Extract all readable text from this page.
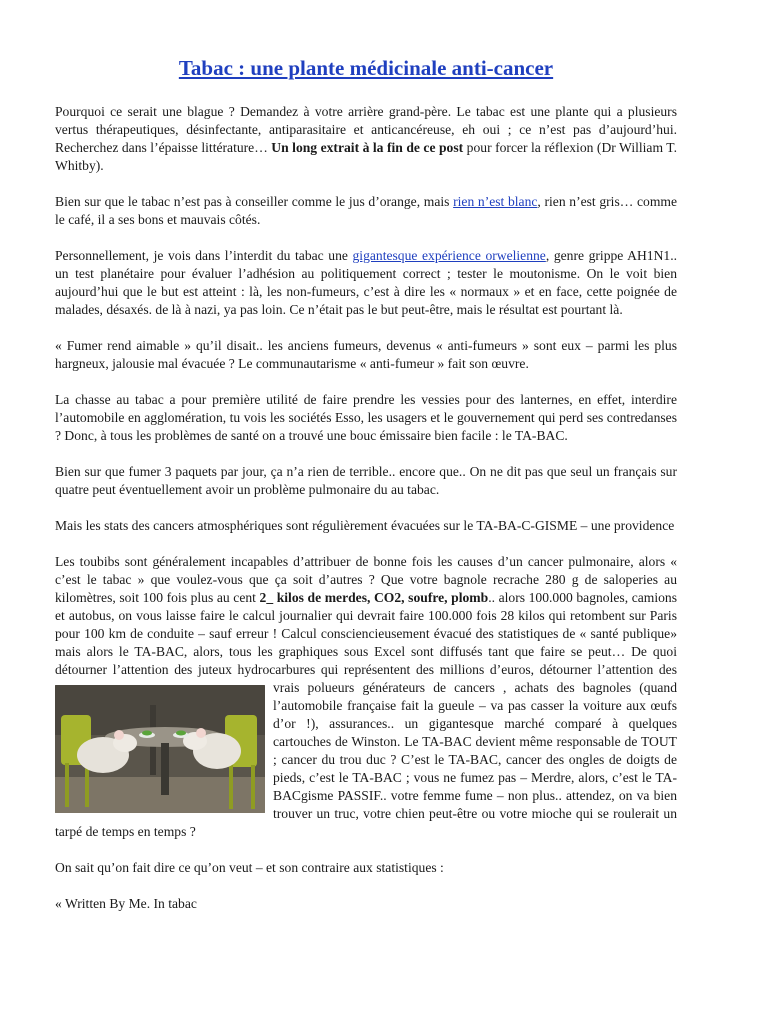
Tabac : une plante médicinale anti-cancer

Pourquoi ce serait une blague ? Demandez à votre arrière grand-père. Le tabac est une plante qui a plusieurs vertus thérapeutiques, désinfectante, antiparasitaire et anticancéreuse, eh oui ; ce n’est pas d’aujourd’hui. Recherchez dans l’épaisse littérature… Un long extrait à la fin de ce post pour forcer la réflexion (Dr William T. Whitby).

Bien sur que le tabac n’est pas à conseiller comme le jus d’orange, mais rien n’est blanc, rien n’est gris… comme le café, il a ses bons et mauvais côtés.

Personnellement, je vois dans l’interdit du tabac une gigantesque expérience orwelienne, genre grippe AH1N1.. un test planétaire pour évaluer l’adhésion au politiquement correct ; tester le moutonisme. On le voit bien aujourd’hui que le but est atteint : là, les non-fumeurs, c’est à dire les « normaux » et en face, cette poignée de malades, désaxés. de là à nazi, ya pas loin. Ce n’était pas le but peut-être, mais le résultat est pourtant là.

« Fumer rend aimable » qu’il disait.. les anciens fumeurs, devenus « anti-fumeurs » sont eux – parmi les plus hargneux, jalousie mal évacuée ? Le communautarisme « anti-fumeur » fait son œuvre.

La chasse au tabac a pour première utilité de faire prendre les vessies pour des lanternes, en effet, interdire l’automobile en agglomération, tu vois les sociétés Esso, les usagers et le gouvernement qui perd ses contredanses ? Donc, à tous les problèmes de santé on a trouvé une bouc émissaire bien facile : le TA-BAC.

Bien sur que fumer 3 paquets par jour, ça n’a rien de terrible.. encore que.. On ne dit pas que seul un français sur quatre peut éventuellement avoir un problème pulmonaire du au tabac.

Mais les stats des cancers atmosphériques sont régulièrement évacuées sur le TA-BA-C-GISME – une providence

Les toubibs sont généralement incapables d’attribuer de bonne fois les causes d’un cancer pulmonaire, alors « c’est le tabac » que voulez-vous que ça soit d’autres ? Que votre bagnole recrache 280 g de saloperies au kilomètres, soit 100 fois plus au cent 2_ kilos de merdes, CO2, soufre, plomb.. alors 100.000 bagnoles, camions et autobus, on vous laisse faire le calcul journalier qui devrait faire 100.000 fois 28 kilos qui retombent sur Paris pour 100 km de conduite – sauf erreur ! Calcul consciencieusement évacué des statistiques de « santé publique» mais alors le TA-BAC, alors, tous les graphiques sous Excel sont diffusés tant que faire se peut… De quoi détourner l’attention des juteux hydrocarbures qui représentent des millions d’euros, détourner l’attention des
vrais polueurs générateurs de cancers , achats des bagnoles (quand l’automobile française fait la gueule – va pas casser la voiture aux œufs d’or !), assurances.. un gigantesque marché comparé à quelques cartouches de Winston. Le TA-BAC devient même responsable de TOUT ; cancer du trou duc ? C’est le TA-BAC, cancer des ongles de doigts de pieds, c’est le TA-BAC ; vous ne fumez pas – Merdre, alors, c’est le TA-BACgisme PASSIF.. votre femme fume – non plus.. attendez, on va bien trouver un truc, votre chien peut-être ou votre mioche qui se roulerait un tarpé de temps en temps ?

On sait qu’on fait dire ce qu’on veut – et son contraire aux statistiques :

« Written By Me. In tabac
